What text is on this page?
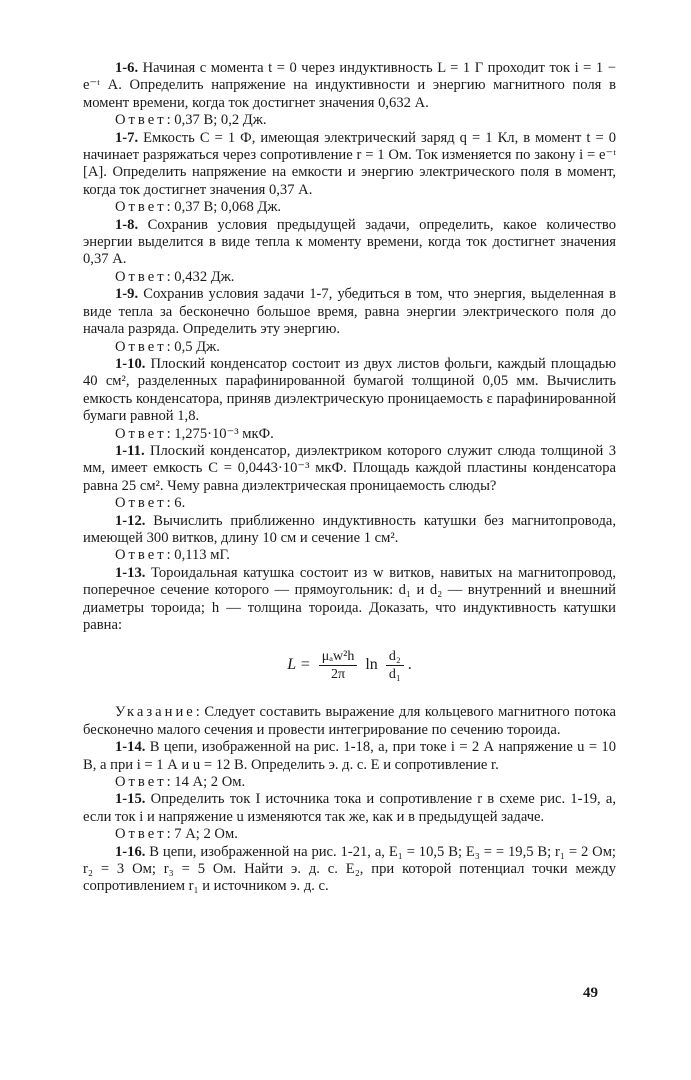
1-6. Начиная с момента t = 0 через индуктивность L = 1 Г проходит ток i = 1 − e⁻ᵗ А. Определить напряжение на индуктивности и энергию магнитного поля в момент времени, когда ток достигнет значения 0,632 А.

Ответ: 0,37 В; 0,2 Дж.

1-7. Емкость C = 1 Ф, имеющая электрический заряд q = 1 Кл, в момент t = 0 начинает разряжаться через сопротивление r = 1 Ом. Ток изменяется по закону i = e⁻ᵗ [А]. Определить напряжение на емкости и энергию электрического поля в момент, когда ток достигнет значения 0,37 А.

Ответ: 0,37 В; 0,068 Дж.

1-8. Сохранив условия предыдущей задачи, определить, какое количество энергии выделится в виде тепла к моменту времени, когда ток достигнет значения 0,37 А.

Ответ: 0,432 Дж.

1-9. Сохранив условия задачи 1-7, убедиться в том, что энергия, выделенная в виде тепла за бесконечно большое время, равна энергии электрического поля до начала разряда. Определить эту энергию.

Ответ: 0,5 Дж.

1-10. Плоский конденсатор состоит из двух листов фольги, каждый площадью 40 см², разделенных парафинированной бумагой толщиной 0,05 мм. Вычислить емкость конденсатора, приняв диэлектрическую проницаемость ε парафинированной бумаги равной 1,8.

Ответ: 1,275·10⁻³ мкФ.

1-11. Плоский конденсатор, диэлектриком которого служит слюда толщиной 3 мм, имеет емкость C = 0,0443·10⁻³ мкФ. Площадь каждой пластины конденсатора равна 25 см². Чему равна диэлектрическая проницаемость слюды?

Ответ: 6.

1-12. Вычислить приближенно индуктивность катушки без магнитопровода, имеющей 300 витков, длину 10 см и сечение 1 см².

Ответ: 0,113 мГ.

1-13. Тороидальная катушка состоит из w витков, навитых на магнитопровод, поперечное сечение которого — прямоугольник: d₁ и d₂ — внутренний и внешний диаметры тороида; h — толщина тороида. Доказать, что индуктивность катушки равна:

$L = \frac{\text{μₐw²h}}{2\pi}$ $\ln \frac{\text{d₂}}{\text{d₁}}$ .

Указание: Следует составить выражение для кольцевого магнитного потока бесконечно малого сечения и провести интегрирование по сечению тороида.

1-14. В цепи, изображенной на рис. 1-18, а, при токе i = 2 А напряжение u = 10 В, а при i = 1 А и u = 12 В. Определить э. д. с. E и сопротивление r.

Ответ: 14 А; 2 Ом.

1-15. Определить ток I источника тока и сопротивление r в схеме рис. 1-19, а, если ток i и напряжение u изменяются так же, как и в предыдущей задаче.

Ответ: 7 А; 2 Ом.

1-16. В цепи, изображенной на рис. 1-21, а, E₁ = 10,5 В; E₃ = = 19,5 В; r₁ = 2 Ом; r₂ = 3 Ом; r₃ = 5 Ом. Найти э. д. с. E₂, при которой потенциал точки между сопротивлением r₁ и источником э. д. с.

49
